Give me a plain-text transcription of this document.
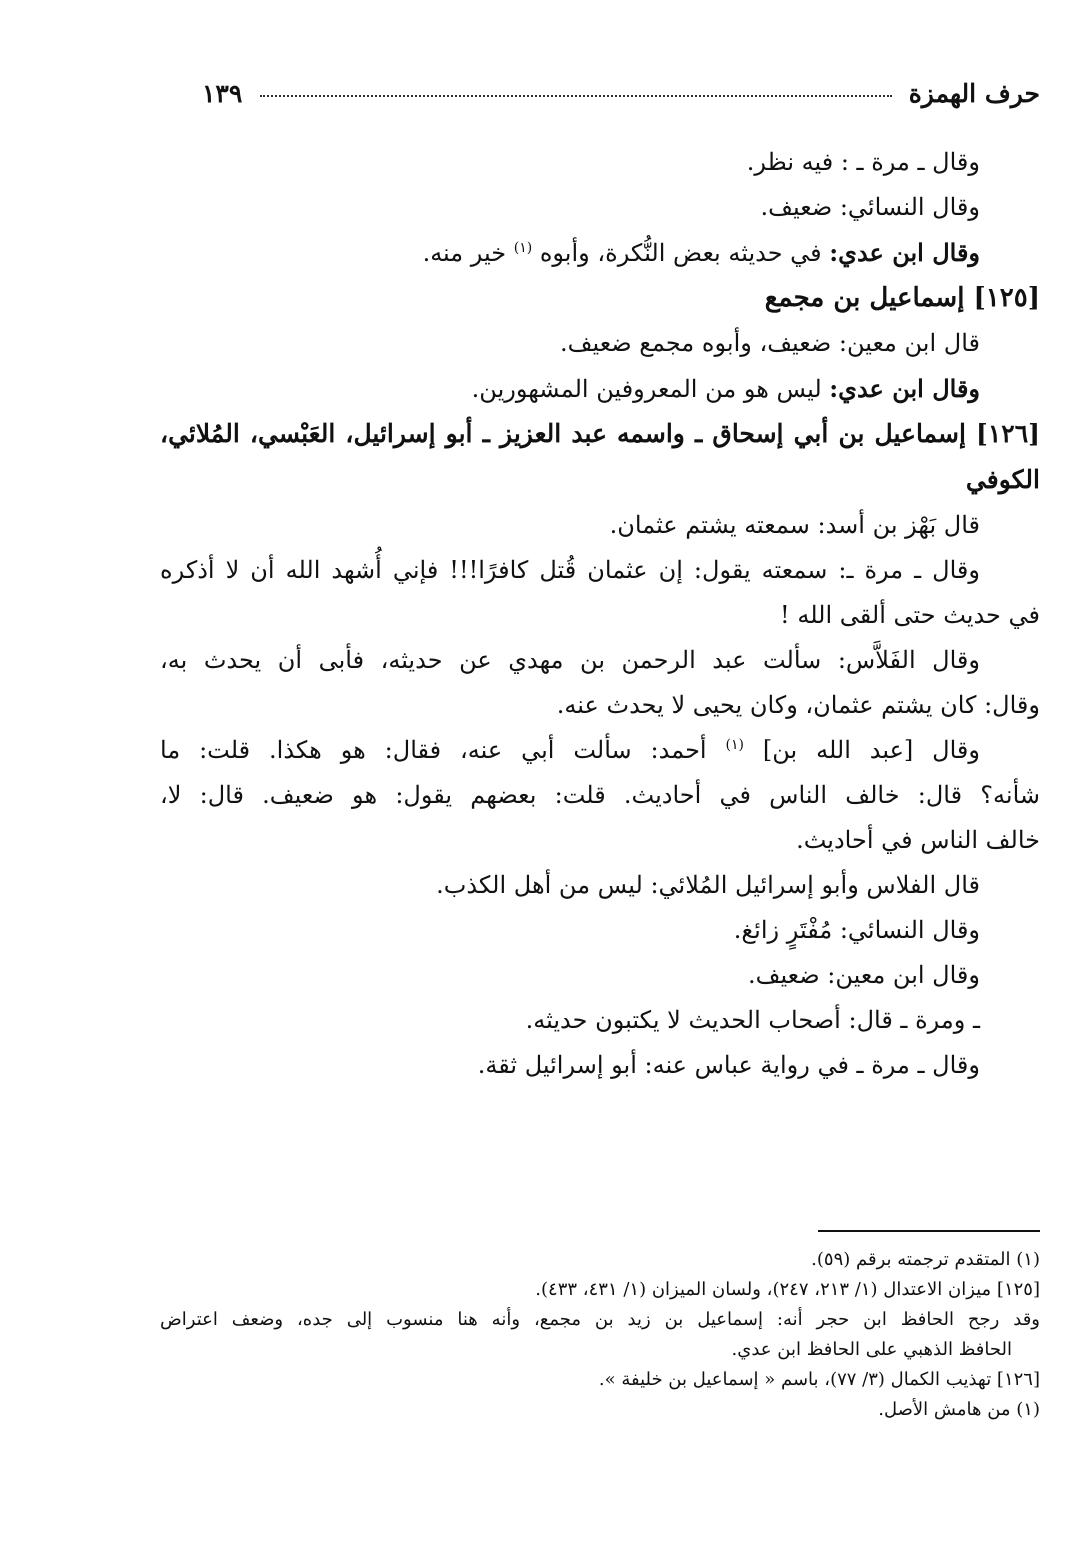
حرف الهمزة
١٣٩
وقال ـ مرة ـ : فيه نظر.
وقال النسائي: ضعيف.
وقال ابن عدي: في حديثه بعض النُّكرة، وأبوه $^{(١)}$ خير منه.
[١٢٥] إسماعيل بن مجمع
قال ابن معين: ضعيف، وأبوه مجمع ضعيف.
وقال ابن عدي: ليس هو من المعروفين المشهورين.
[١٢٦] إسماعيل بن أبي إسحاق ـ واسمه عبد العزيز ـ أبو إسرائيل، العَبْسي، المُلائي،
الكوفي
قال بَهْز بن أسد: سمعته يشتم عثمان.
وقال ـ مرة ـ: سمعته يقول: إن عثمان قُتل كافرًا!!! فإني أُشهد الله أن لا أذكره
في حديث حتى ألقى الله !
وقال الفَلاَّس: سألت عبد الرحمن بن مهدي عن حديثه، فأبى أن يحدث به،
وقال: كان يشتم عثمان، وكان يحيى لا يحدث عنه.
وقال [عبد الله بن] $^{(١)}$ أحمد: سألت أبي عنه، فقال: هو هكذا. قلت: ما
شأنه؟ قال: خالف الناس في أحاديث. قلت: بعضهم يقول: هو ضعيف. قال: لا،
خالف الناس في أحاديث.
قال الفلاس وأبو إسرائيل المُلائي: ليس من أهل الكذب.
وقال النسائي: مُفْتَرٍ زائغ.
وقال ابن معين: ضعيف.
ـ ومرة ـ قال: أصحاب الحديث لا يكتبون حديثه.
وقال ـ مرة ـ في رواية عباس عنه: أبو إسرائيل ثقة.
(١) المتقدم ترجمته برقم (٥٩).
[١٢٥] ميزان الاعتدال (١/ ٢١٣، ٢٤٧)، ولسان الميزان (١/ ٤٣١، ٤٣٣).
وقد رجح الحافظ ابن حجر أنه: إسماعيل بن زيد بن مجمع، وأنه هنا منسوب إلى جده، وضعف اعتراض
الحافظ الذهبي على الحافظ ابن عدي.
[١٢٦] تهذيب الكمال (٣/ ٧٧)، باسم « إسماعيل بن خليفة ».
(١) من هامش الأصل.
